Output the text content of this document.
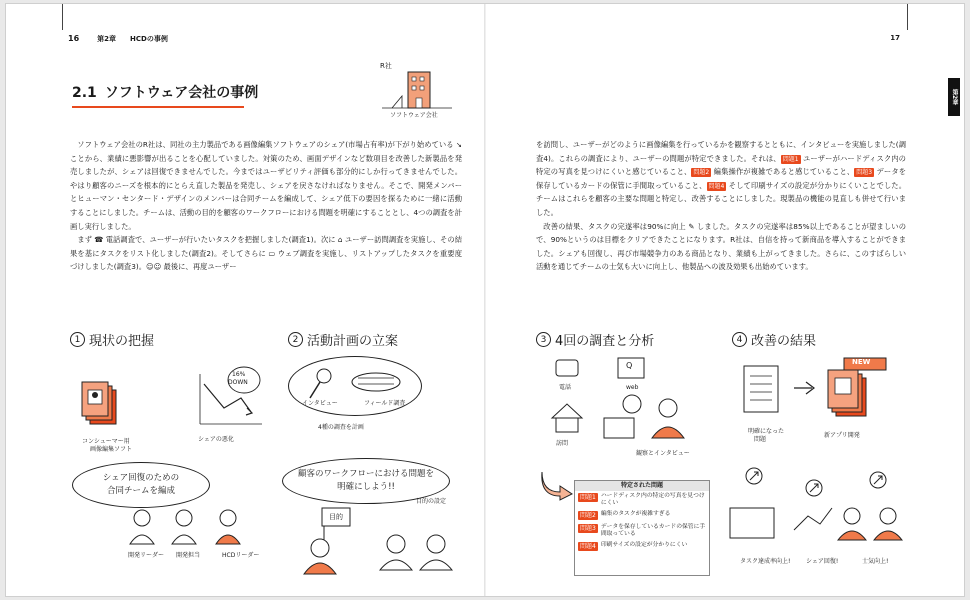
16	第2章 HCDの事例	17
第2章
2.1 ソフトウェア会社の事例
R社
ソフトウェア会社

ソフトウェア会社のR社は、同社の主力製品である画像編集ソフトウェアのシェア(市場占有率)が下がり始めている ↘ ことから、業績に悪影響が出ることを心配していました。対策のため、画面デザインなど数項目を改善した新製品を発売しましたが、シェアは回復できませんでした。今まではユーザビリティ評価も部分的にしか行ってきませんでした。やはり顧客のニーズを根本的にとらえ直した製品を発売し、シェアを戻さなければなりません。そこで、開発メンバーとヒューマン・センタード・デザインのメンバーは合同チームを編成して、シェア低下の要因を探るために一緒に活動することにしました。チームは、活動の目的を顧客のワークフローにおける問題を明確にすることとし、4つの調査を計画し実行しました。

まず ☎ 電話調査で、ユーザーが行いたいタスクを把握しました(調査1)。次に ⌂ ユーザー訪問調査を実施し、その結果を基にタスクをリスト化しました(調査2)。そしてさらに ▭ ウェブ調査を実施し、リストアップしたタスクを重要度づけしました(調査3)。☺☺ 最後に、再度ユーザー

を訪問し、ユーザーがどのように画像編集を行っているかを観察するとともに、インタビューを実施しました(調査4)。これらの調査により、ユーザーの問題が特定できました。それは、 問題1 ユーザーがハードディスク内の特定の写真を見つけにくいと感じていること、 問題2 編集操作が複雑であると感じていること、 問題3 データを保存しているカードの保管に手間取っていること、 問題4 そして印刷サイズの設定が分かりにくいことでした。チームはこれらを顧客の主要な問題と特定し、改善することにしました。現製品の機能の見直しも併せて行いました。

改善の結果、タスクの完遂率は90%に向上 ✎ しました。タスクの完遂率は85%以上であることが望ましいので、90%というのは目標をクリアできたことになります。R社は、自信を持って新商品を導入することができました。シェアも回復し、再び市場競争力のある商品となり、業績も上がってきました。さらに、このすばらしい活動を通じてチームの士気も大いに向上し、他製品への波及効果も出始めています。

1 現状の把握
16%
DOWN
コンシューマー用
画像編集ソフト
シェアの悪化
シェア回復のための
合同チームを編成
開発リーダー 開発担当	HCDリーダー
2 活動計画の立案
インタビュー	フィールド調査
4種の調査を計画
顧客のワークフローにおける問題を
明確にしよう!!
目的の設定
目的
3 4回の調査と分析
Q
電話	web
訪問
観察とインタビュー
特定された問題
問題1 ハードディスク内の特定の写真を見つけにくい
問題2 編集のタスクが複雑すぎる
問題3 データを保存しているカードの保管に手間取っている
問題4 印刷サイズの設定が分かりにくい
4 改善の結果
NEW
明確になった
問題
新アプリ開発
タスク達成率向上!	シェア回復!	士気向上!
